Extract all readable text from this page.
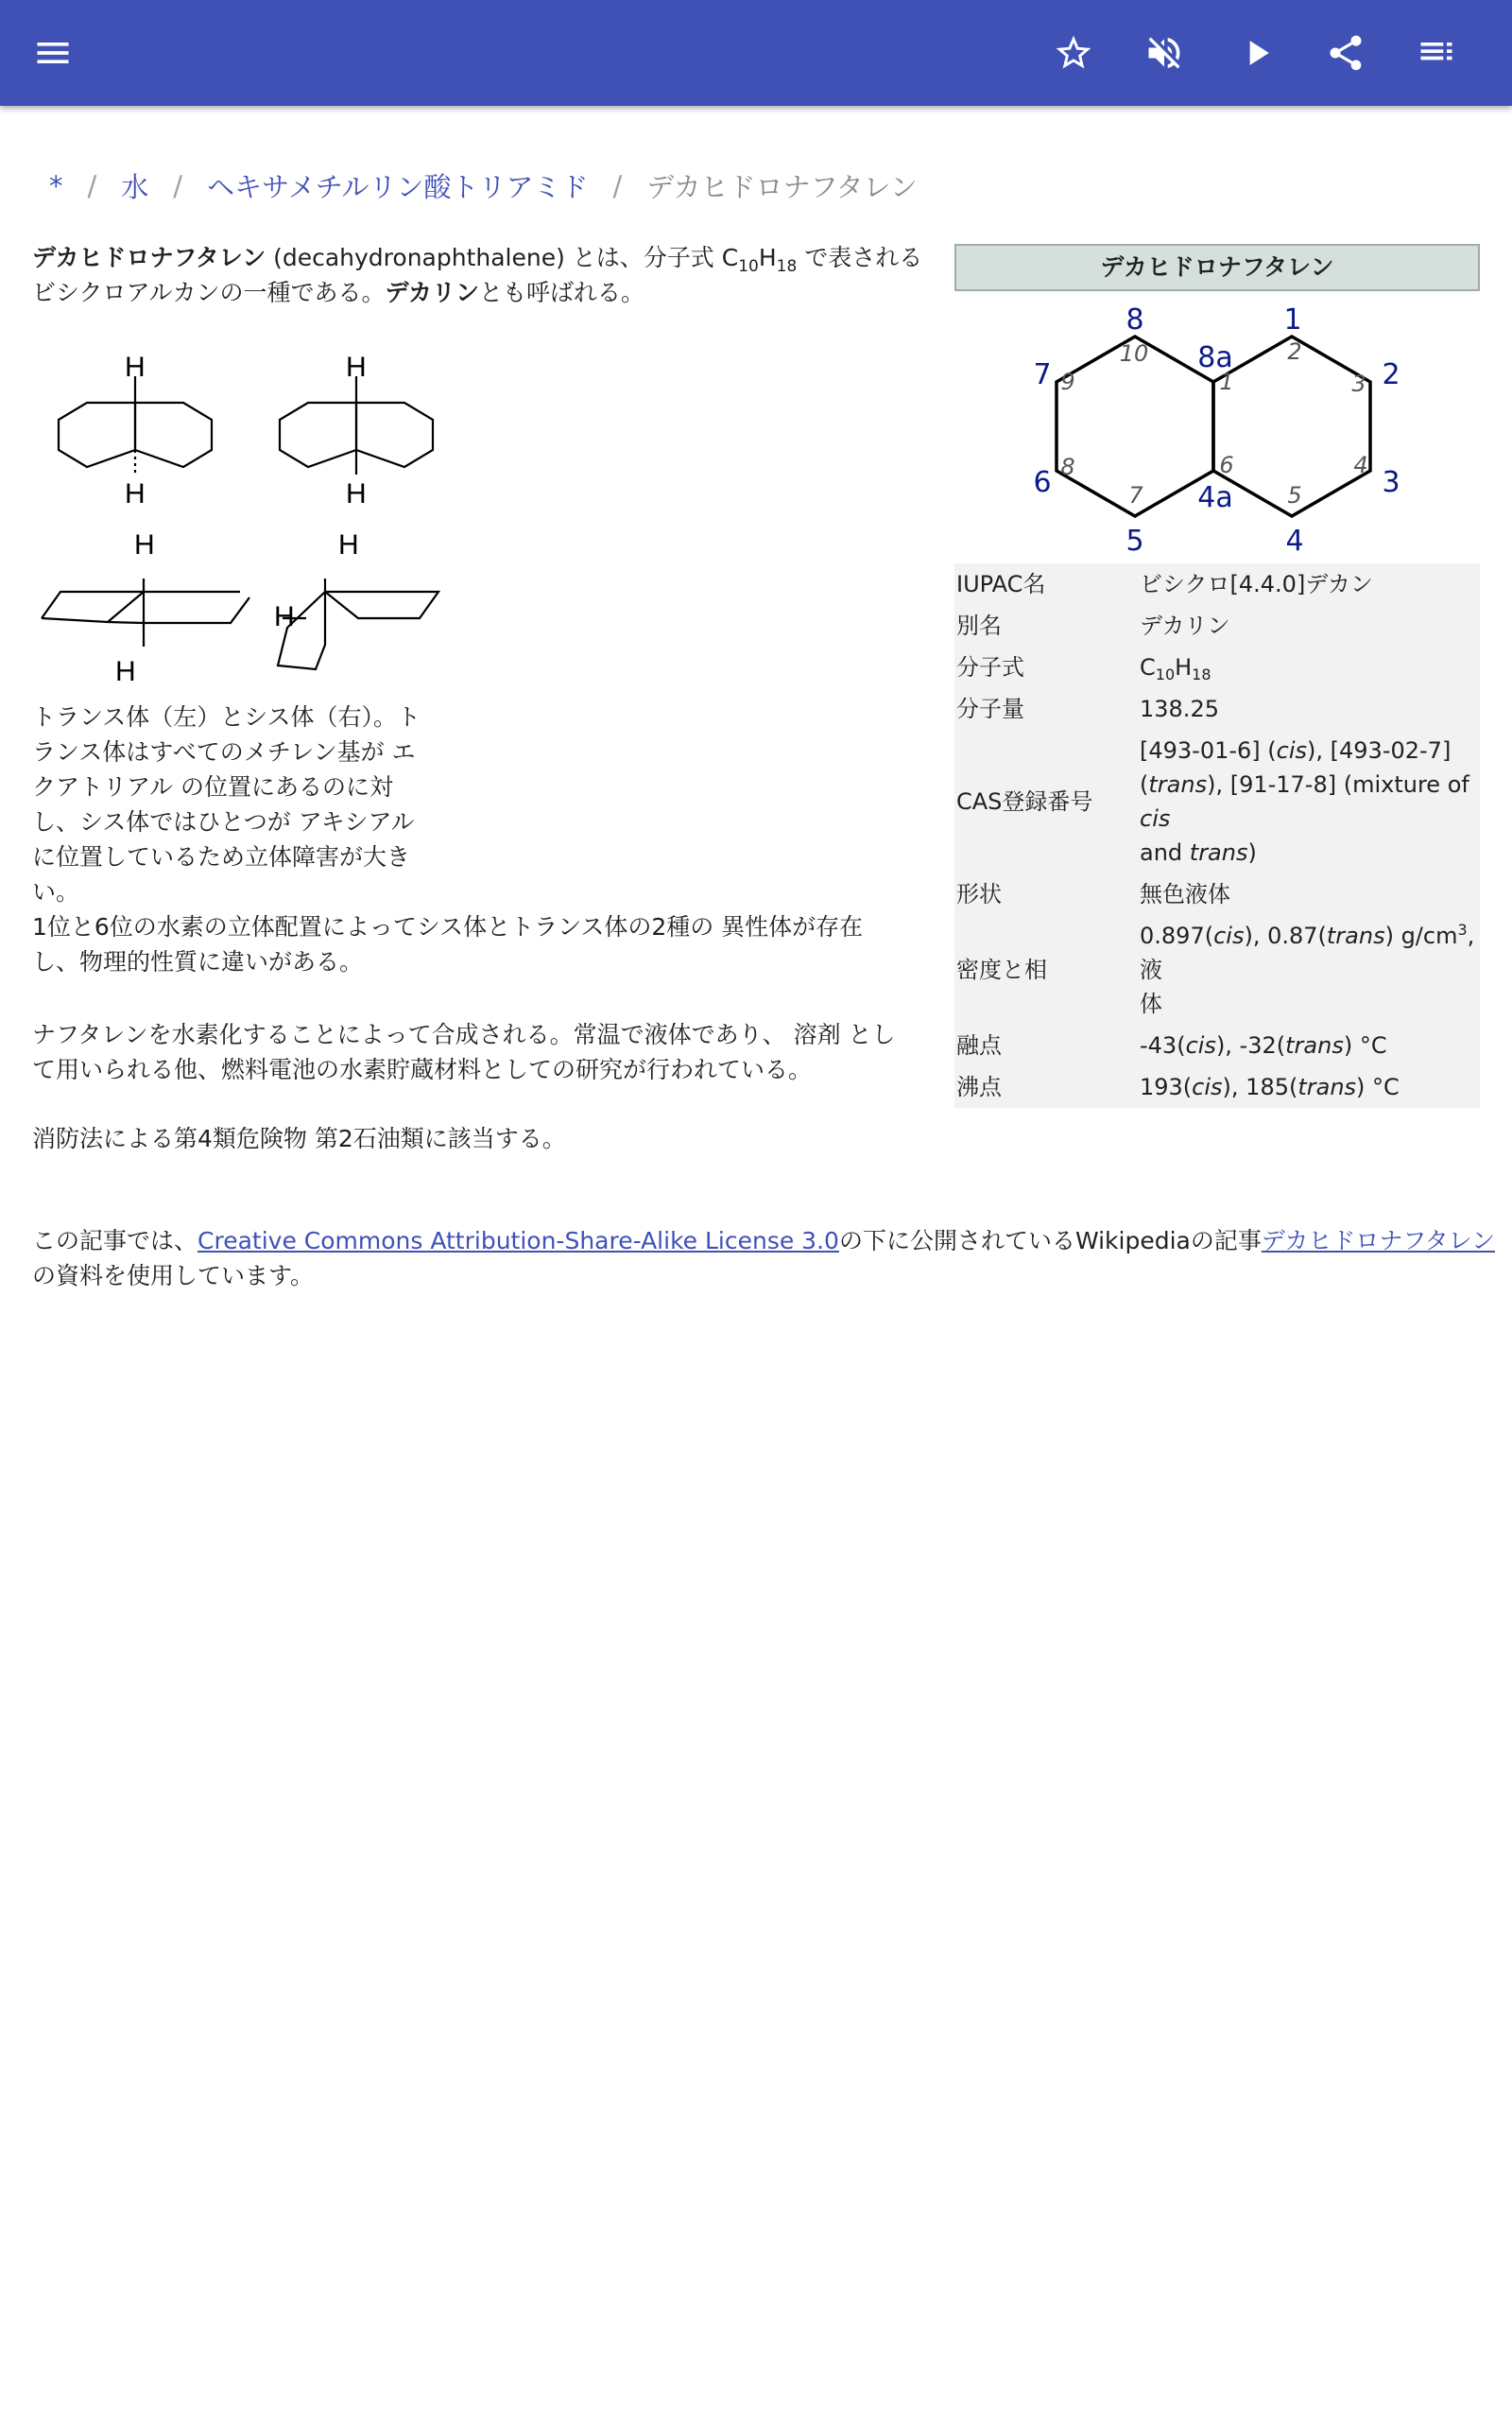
* / 水 / ヘキサメチルリン酸トリアミド / デカヒドロナフタレン
デカヒドロナフタレン (decahydronaphthalene) とは、分子式 $C_{10}H_{18}$ で表される
ビシクロアルカンの一種である。デカリンとも呼ばれる。
H
H
H
H
H
H
H
H
トランス体（左）とシス体（右）。ト
ランス体はすべてのメチレン基が エ
クアトリアル の位置にあるのに対
し、シス体ではひとつが アキシアル
に位置しているため立体障害が大き
い。
1位と6位の水素の立体配置によってシス体とトランス体の2種の 異性体が存在
し、物理的性質に違いがある。
ナフタレンを水素化することによって合成される。常温で液体であり、 溶剤 とし
て用いられる他、燃料電池の水素貯蔵材料としての研究が行われている。
消防法による第4類危険物 第2石油類に該当する。
この記事では、Creative Commons Attribution-Share-Alike License 3.0の下に公開されているWikipediaの記事デカヒドロナフタレン
の資料を使用しています。
デカヒドロナフタレン
8	1
7
8a
2
6	3
4a
5	4
10	2
9	1	3
8	6	4
7	5
IUPAC名	ビシクロ[4.4.0]デカン
別名	デカリン
分子式	$C_{10}H_{18}$
分子量	138.25
CAS登録番号	[493-01-6] (cis), [493-02-7]
(trans), [91-17-8] (mixture of cis
and trans)
形状	無色液体
密度と相	0.897(cis), 0.87(trans) $g/cm^3$, 液
体
融点	-43(cis), -32(trans) °C
沸点	193(cis), 185(trans) °C
